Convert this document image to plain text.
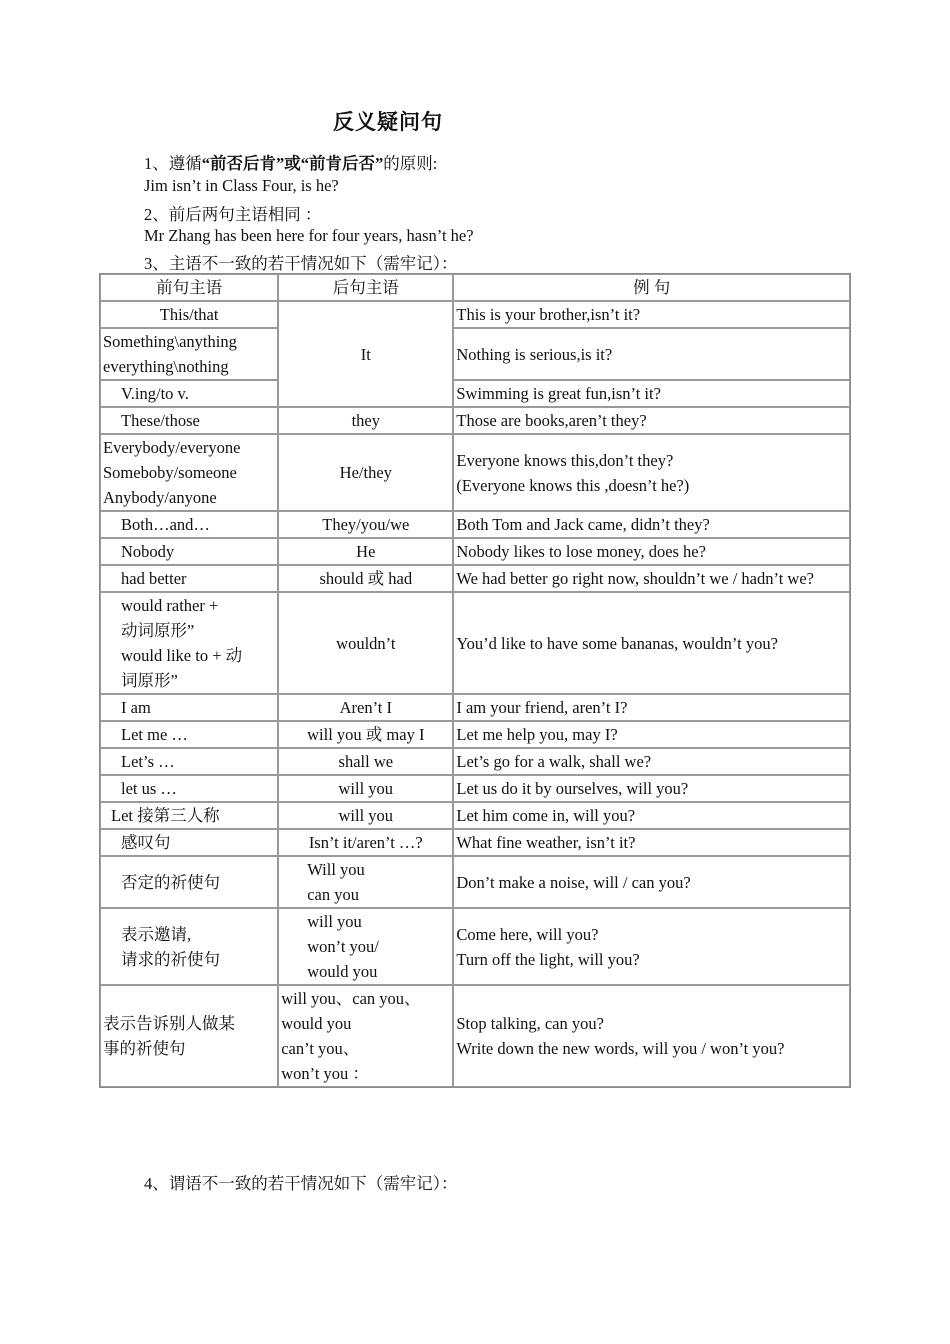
反义疑问句
1、遵循“前否后肯”或“前肯后否”的原则:
Jim isn’t in Class Four, is he?
2、前后两句主语相同 ：
Mr Zhang has been here for four years, hasn’t he?
3、主语不一致的若干情况如下（需牢记）：
前句主语	后句主语	例 句
This/that	It	This is your brother,isn’t it?
Something\anything
everything\nothing		Nothing is serious,is it?
V.ing/to v.		Swimming is great fun,isn’t it?
These/those	they	Those are books,aren’t they?
Everybody/everyone
Someboby/someone
Anybody/anyone	He/they	Everyone knows this,don’t they?
(Everyone knows this ,doesn’t he?)
Both…and…	They/you/we	Both Tom and Jack came, didn’t they?
Nobody	He	Nobody likes to lose money, does he?
had better	should 或 had	We had better go right now, shouldn’t we / hadn’t we?
would rather +
动词原形”
would like to + 动
词原形”	wouldn’t	You’d like to have some bananas, wouldn’t you?
I am	Aren’t I	I am your friend, aren’t I?
Let me …	will you 或 may I	Let me help you, may I?
Let’s …	shall we	Let’s go for a walk, shall we?
let us …	will you	Let us do it by ourselves, will you?
Let 接第三人称	will you	Let him come in, will you?
感叹句	Isn’t it/aren’t …?	What fine weather, isn’t it?
否定的祈使句	Will you
can you	Don’t make a noise, will / can you?
表示邀请,
请求的祈使句	will you
won’t you/
would you	Come here, will you?
Turn off the light, will you?
表示告诉别人做某
事的祈使句	will you、can you、
would you
can’t you、
won’t you ：	Stop talking, can you?
Write down the new words, will you / won’t you?
4、谓语不一致的若干情况如下（需牢记）：
